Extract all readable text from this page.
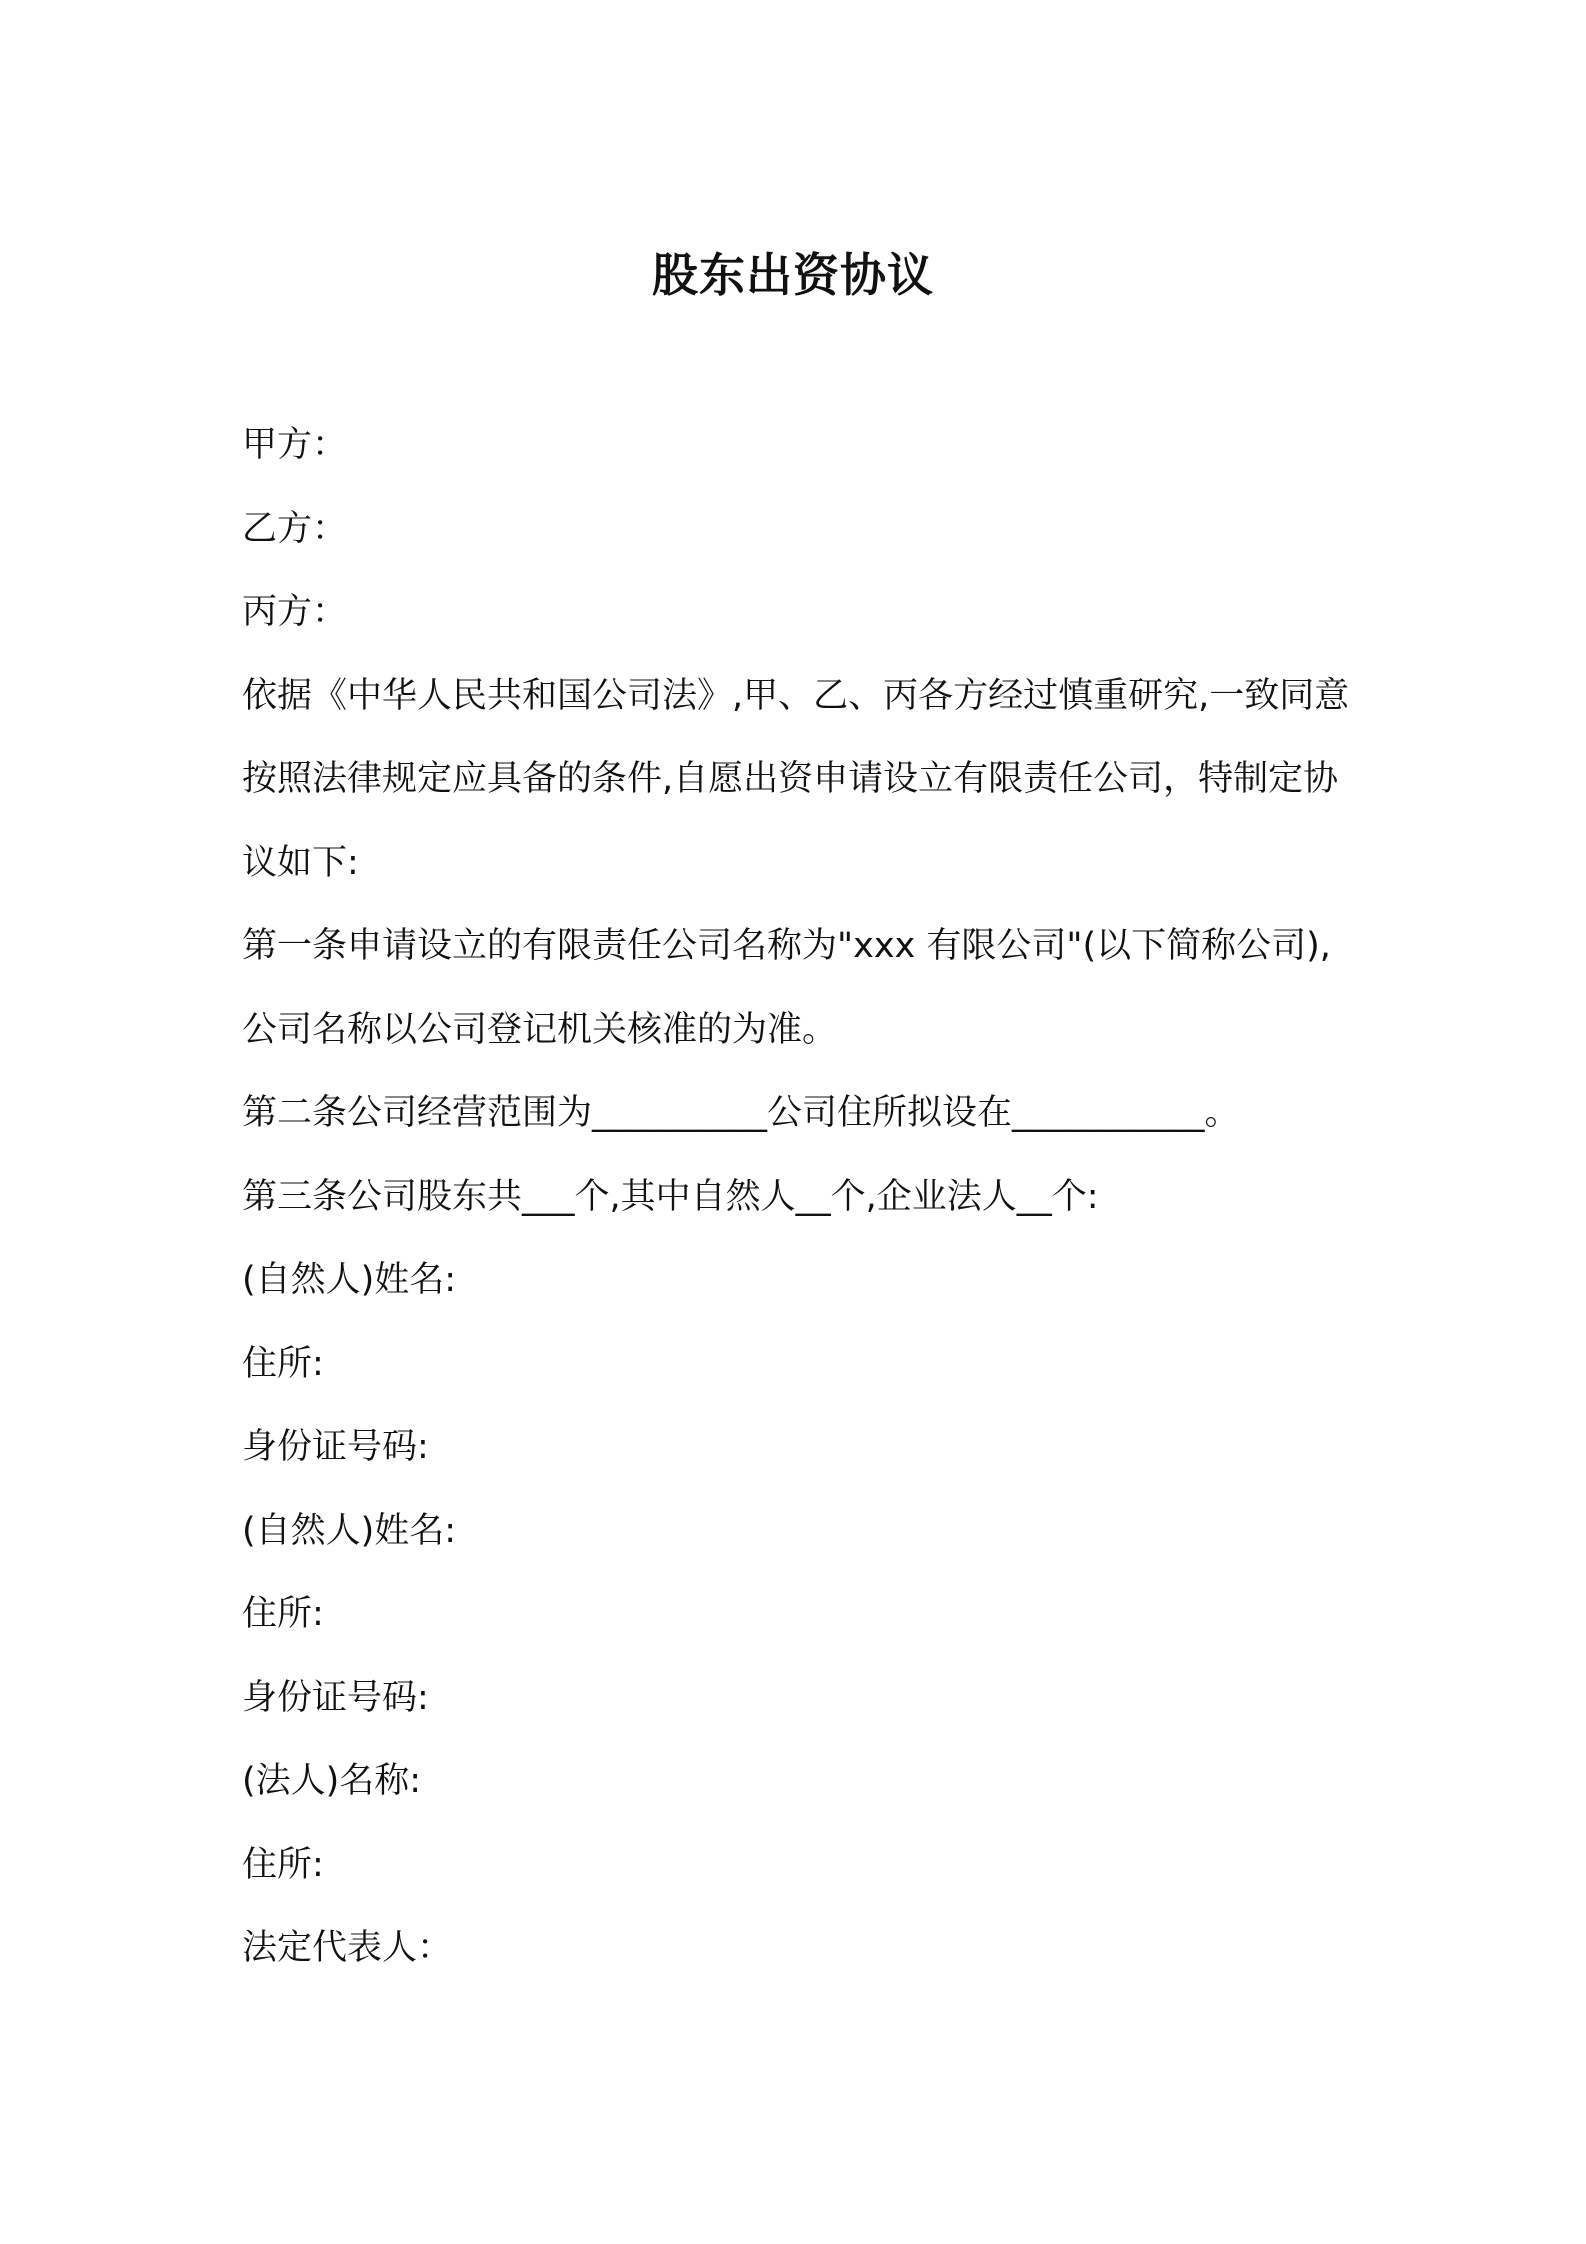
股东出资协议

甲方：

乙方：

丙方：

依据《中华人民共和国公司法》,甲、乙、丙各方经过慎重研究,一致同意按照法律规定应具备的条件,自愿出资申请设立有限责任公司，特制定协议如下:

第一条申请设立的有限责任公司名称为"xxx 有限公司"(以下简称公司),公司名称以公司登记机关核准的为准。

第二条公司经营范围为__________公司住所拟设在___________。

第三条公司股东共___个,其中自然人__个,企业法人__个:

(自然人)姓名:

住所:

身份证号码:

(自然人)姓名:

住所:

身份证号码:

(法人)名称:

住所:

法定代表人：
